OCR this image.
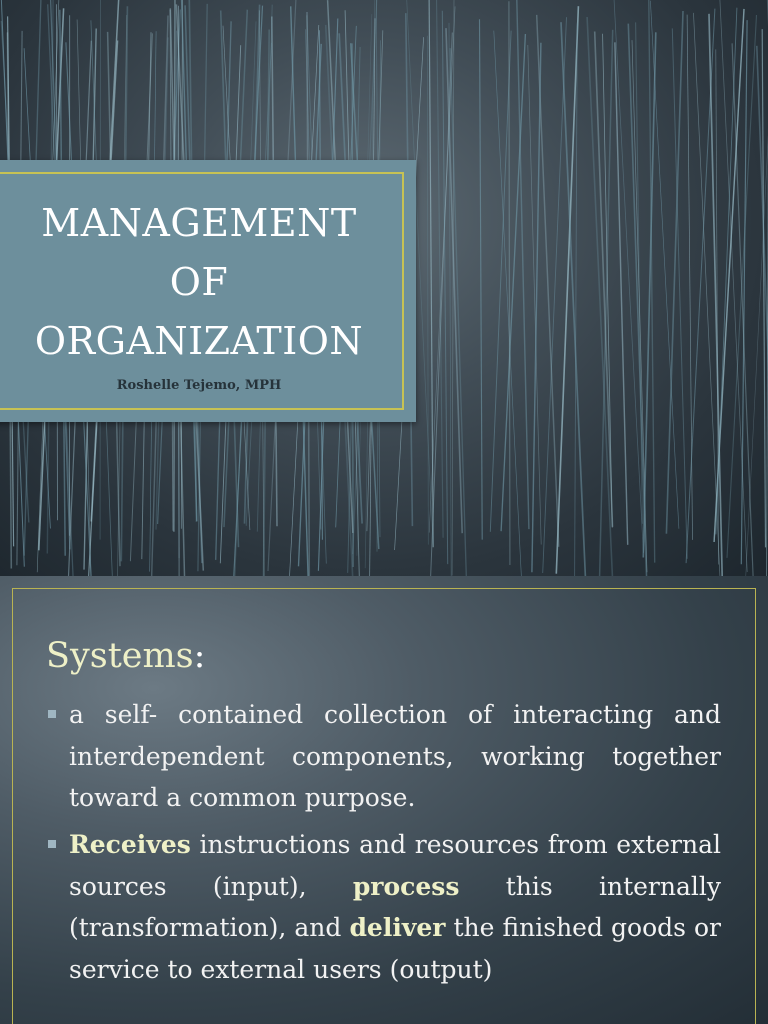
MANAGEMENT
OF
ORGANIZATION
Roshelle Tejemo, MPH
Systems:
a self- contained collection of interacting and interdependent components, working together toward a common purpose.
Receives instructions and resources from external sources (input), process this internally (transformation), and deliver the finished goods or service to external users (output)
